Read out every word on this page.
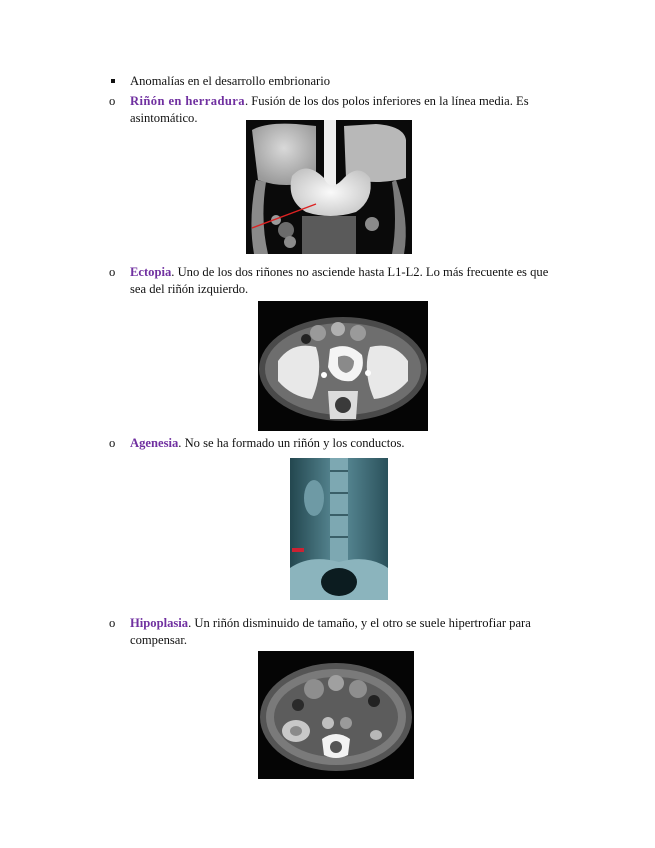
Anomalías en el desarrollo embrionario
o Riñón en herradura. Fusión de los dos polos inferiores en la línea media. Es
asintomático.
o Ectopia. Uno de los dos riñones no asciende hasta L1-L2. Lo más frecuente es que
sea del riñón izquierdo.
o Agenesia. No se ha formado un riñón y los conductos.
o Hipoplasia. Un riñón disminuido de tamaño, y el otro se suele hipertrofiar para
compensar.
